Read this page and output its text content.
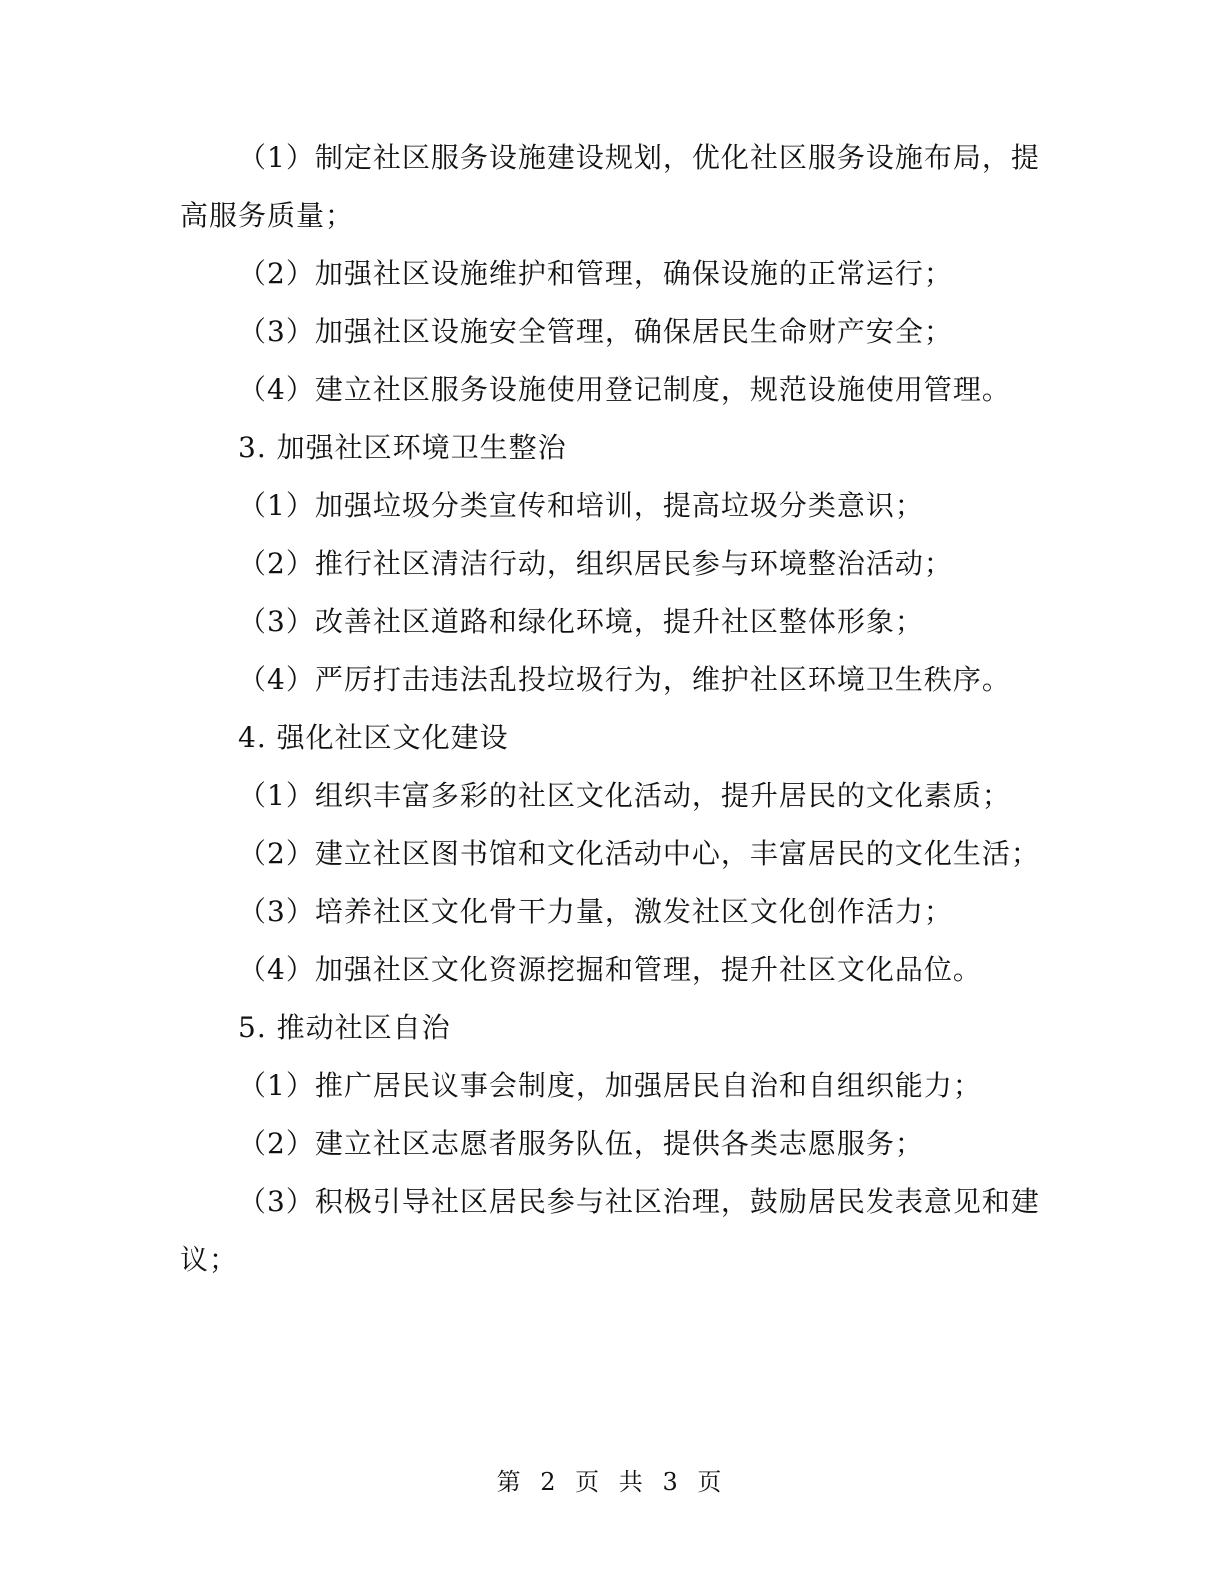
（1）制定社区服务设施建设规划，优化社区服务设施布局，提高服务质量；

（2）加强社区设施维护和管理，确保设施的正常运行；

（3）加强社区设施安全管理，确保居民生命财产安全；

（4）建立社区服务设施使用登记制度，规范设施使用管理。

3. 加强社区环境卫生整治

（1）加强垃圾分类宣传和培训，提高垃圾分类意识；

（2）推行社区清洁行动，组织居民参与环境整治活动；

（3）改善社区道路和绿化环境，提升社区整体形象；

（4）严厉打击违法乱投垃圾行为，维护社区环境卫生秩序。

4. 强化社区文化建设

（1）组织丰富多彩的社区文化活动，提升居民的文化素质；

（2）建立社区图书馆和文化活动中心，丰富居民的文化生活；

（3）培养社区文化骨干力量，激发社区文化创作活力；

（4）加强社区文化资源挖掘和管理，提升社区文化品位。

5. 推动社区自治

（1）推广居民议事会制度，加强居民自治和自组织能力；

（2）建立社区志愿者服务队伍，提供各类志愿服务；

（3）积极引导社区居民参与社区治理，鼓励居民发表意见和建议；

第 2 页 共 3 页
